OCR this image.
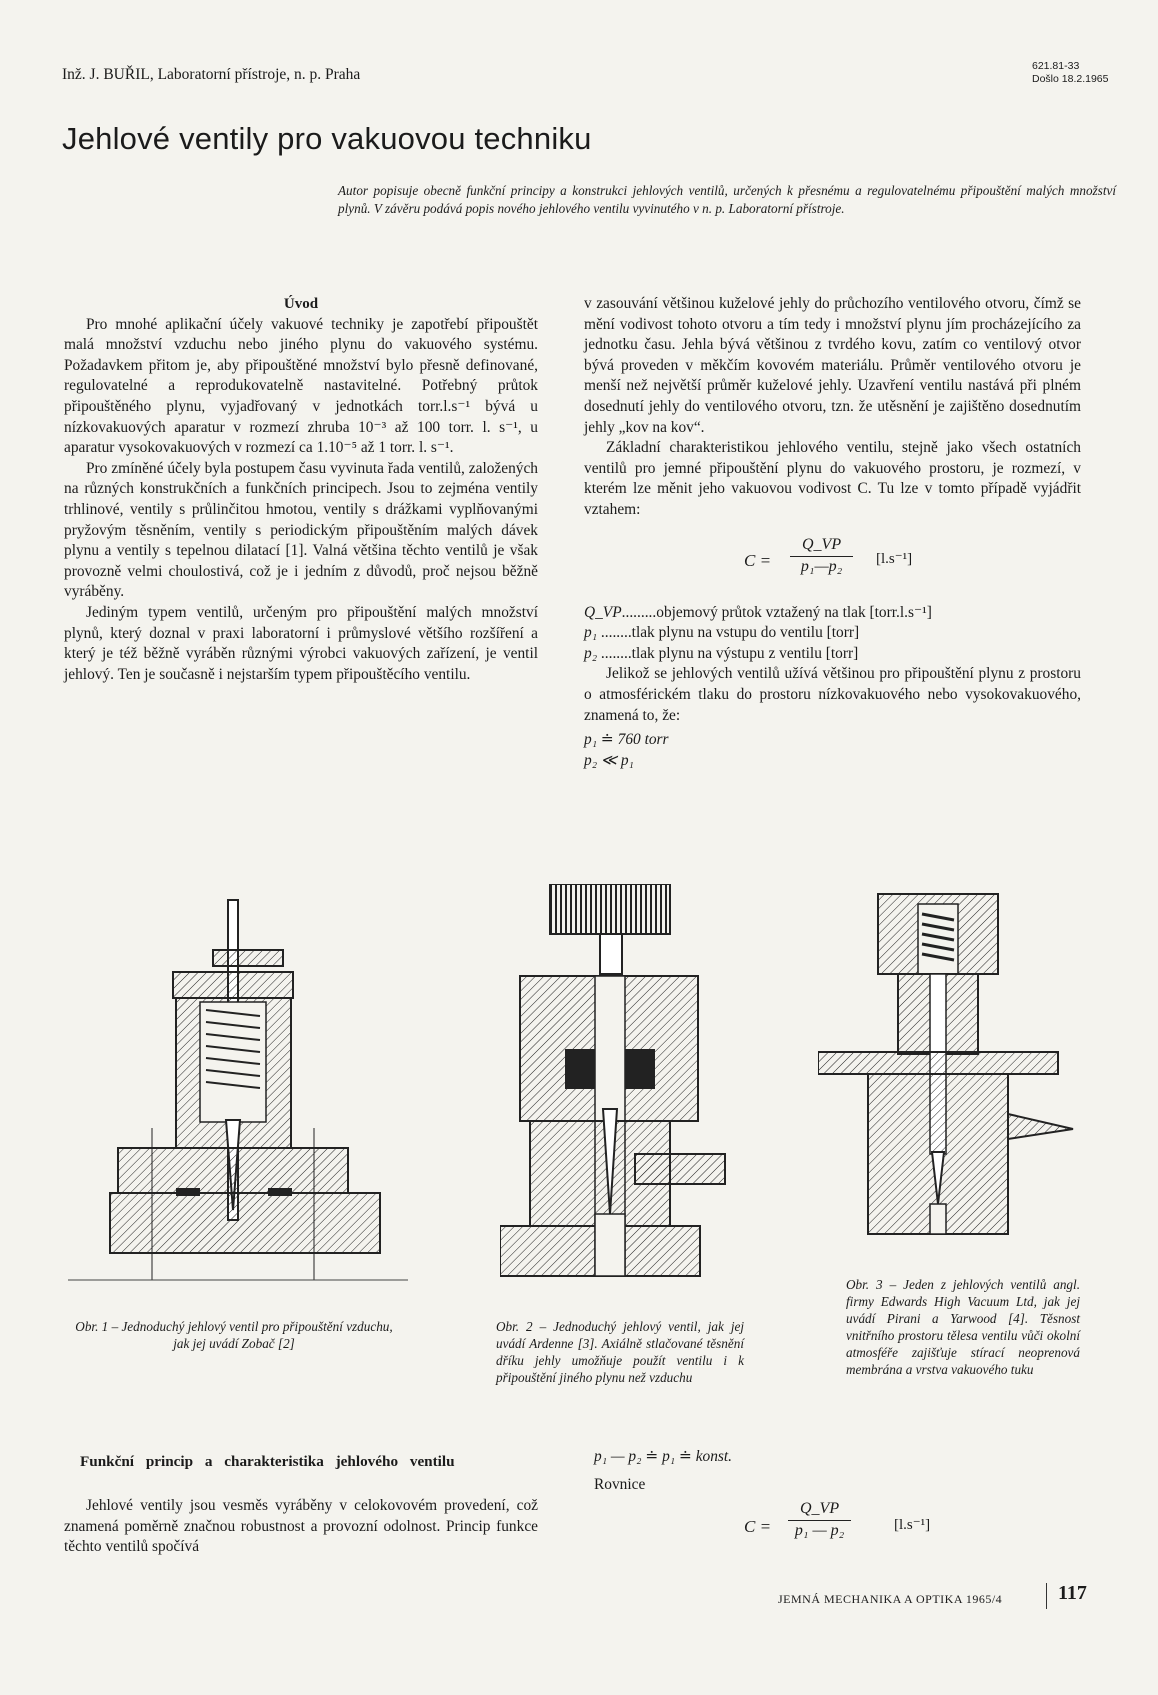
Inž. J. BUŘIL, Laboratorní přístroje, n. p. Praha	621.81-33
Došlo 18.2.1965
Jehlové ventily pro vakuovou techniku
Autor popisuje obecně funkční principy a konstrukci jehlových ventilů, určených k přesnému a regulovatelnému připouštění malých množství plynů. V závěru podává popis nového jehlového ventilu vyvinutého v n. p. Laboratorní přístroje.

Úvod

Pro mnohé aplikační účely vakuové techniky je zapotřebí připouštět malá množství vzduchu nebo jiného plynu do vakuového systému. Požadavkem přitom je, aby připouštěné množství bylo přesně definované, regulovatelné a reprodukovatelně nastavitelné. Potřebný průtok připouštěného plynu, vyjadřovaný v jednotkách torr.l.s⁻¹ bývá u nízkovakuových aparatur v rozmezí zhruba 10⁻³ až 100 torr. l. s⁻¹, u aparatur vysokovakuových v rozmezí ca 1.10⁻⁵ až 1 torr. l. s⁻¹.

Pro zmíněné účely byla postupem času vyvinuta řada ventilů, založených na různých konstrukčních a funkčních principech. Jsou to zejména ventily trhlinové, ventily s průlinčitou hmotou, ventily s drážkami vyplňovanými pryžovým těsněním, ventily s periodickým připouštěním malých dávek plynu a ventily s tepelnou dilatací [1]. Valná většina těchto ventilů je však provozně velmi choulostivá, což je i jedním z důvodů, proč nejsou běžně vyráběny.

Jediným typem ventilů, určeným pro připouštění malých množství plynů, který doznal v praxi laboratorní i průmyslové většího rozšíření a který je též běžně vyráběn různými výrobci vakuových zařízení, je ventil jehlový. Ten je současně i nejstarším typem připouštěcího ventilu.

v zasouvání většinou kuželové jehly do průchozího ventilového otvoru, čímž se mění vodivost tohoto otvoru a tím tedy i množství plynu jím procházejícího za jednotku času. Jehla bývá většinou z tvrdého kovu, zatím co ventilový otvor bývá proveden v měkčím kovovém materiálu. Průměr ventilového otvoru je menší než největší průměr kuželové jehly. Uzavření ventilu nastává při plném dosednutí jehly do ventilového otvoru, tzn. že utěsnění je zajištěno dosednutím jehly „kov na kov“.

Základní charakteristikou jehlového ventilu, stejně jako všech ostatních ventilů pro jemné připouštění plynu do vakuového prostoru, je rozmezí, v kterém lze měnit jeho vakuovou vodivost C. Tu lze v tomto případě vyjádřit vztahem:

$C = \frac{Q\_VP}{\text{p₁—p₂}} [l.s^{-1}]$
Q_VP.........objemový průtok vztažený na tlak [torr.l.s⁻¹]
p₁ ........tlak plynu na vstupu do ventilu [torr]
p₂ ........tlak plynu na výstupu z ventilu [torr]

Jelikož se jehlových ventilů užívá většinou pro připouštění plynu z prostoru o atmosférickém tlaku do prostoru nízkovakuového nebo vysokovakuového, znamená to, že:

p₁ ≐ 760 torr
p₂ ≪ p₁
Obr. 1 – Jednoduchý jehlový ventil pro připouštění vzduchu, jak jej uvádí Zobač [2]
Obr. 2 – Jednoduchý jehlový ventil, jak jej uvádí Ardenne [3]. Axiálně stlačované těsnění dříku jehly umožňuje použít ventilu i k připouštění jiného plynu než vzduchu
Obr. 3 – Jeden z jehlových ventilů angl. firmy Edwards High Vacuum Ltd, jak jej uvádí Pirani a Yarwood [4]. Těsnost vnitřního prostoru tělesa ventilu vůči okolní atmosféře zajišťuje stírací neoprenová membrána a vrstva vakuového tuku
Funkční princip a charakteristika jehlového ventilu

Jehlové ventily jsou vesměs vyráběny v celokovovém provedení, což znamená poměrně značnou robustnost a provozní odolnost. Princip funkce těchto ventilů spočívá

p₁ — p₂ ≐ p₁ ≐ konst.
Rovnice
$C = \frac{Q\_VP}{\text{p₁ — p₂}}$	[l.s⁻¹]
JEMNÁ MECHANIKA A OPTIKA 1965/4	117
